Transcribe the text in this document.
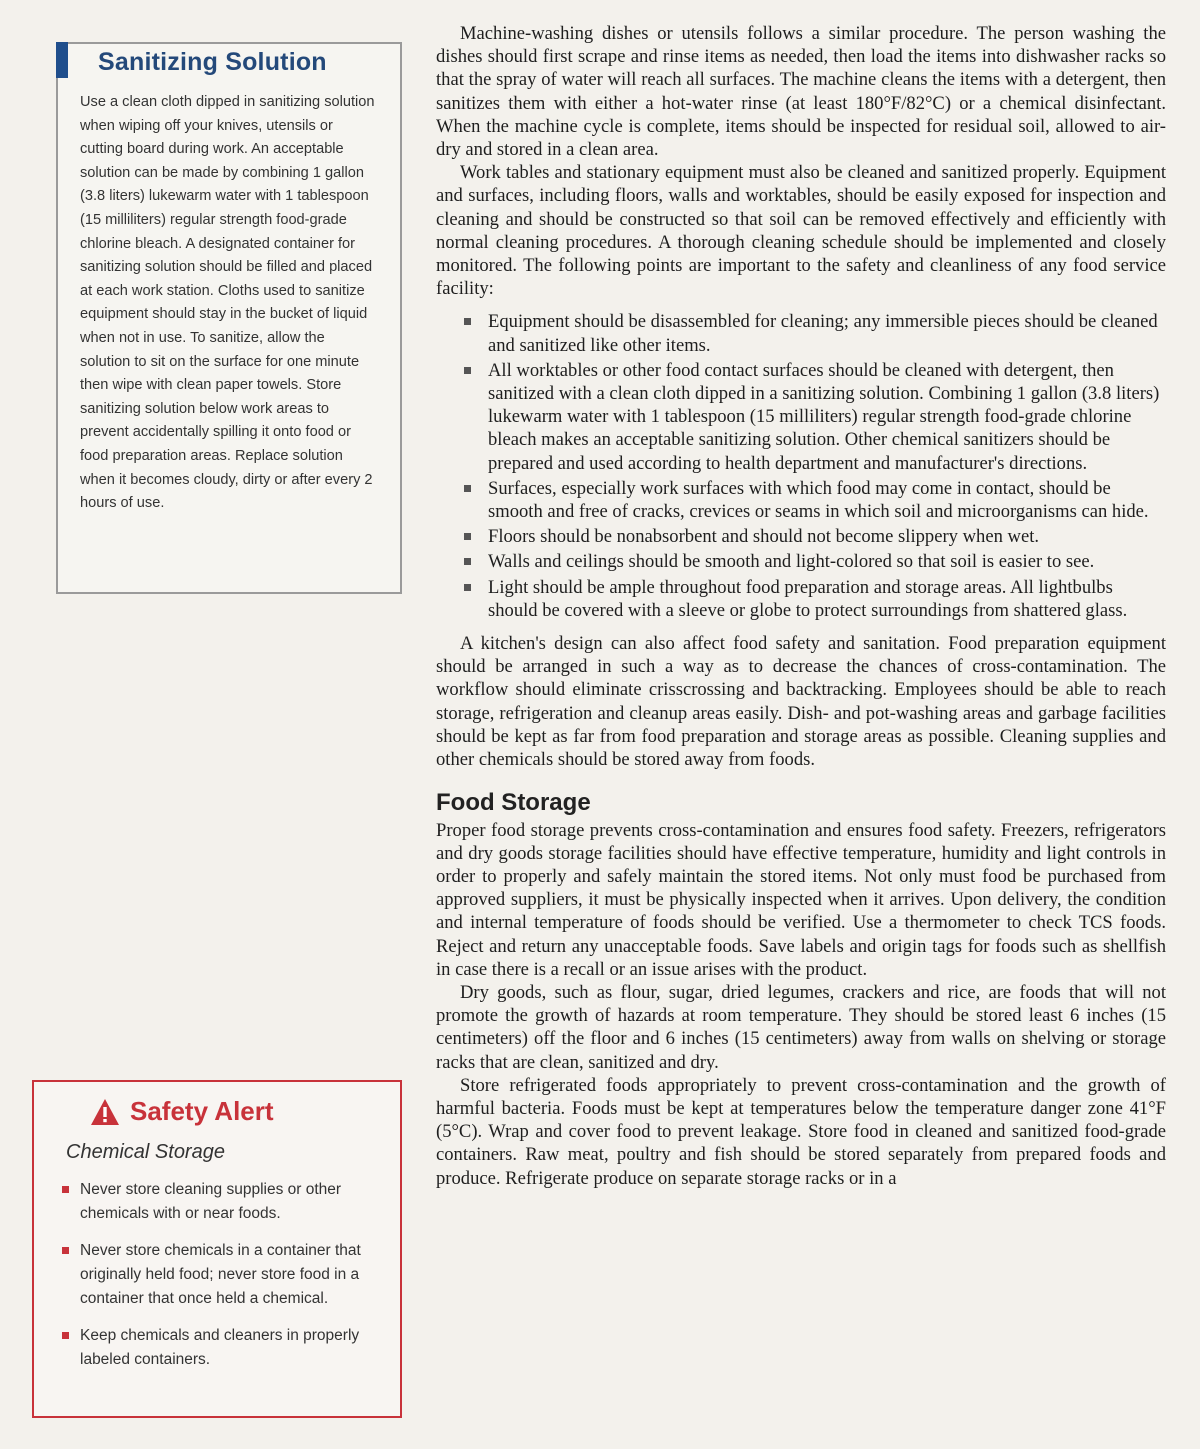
Sanitizing Solution

Use a clean cloth dipped in sanitizing solution when wiping off your knives, utensils or cutting board during work. An acceptable solution can be made by combining 1 gallon (3.8 liters) lukewarm water with 1 tablespoon (15 milliliters) regular strength food-grade chlorine bleach. A designated container for sanitizing solution should be filled and placed at each work station. Cloths used to sanitize equipment should stay in the bucket of liquid when not in use. To sanitize, allow the solution to sit on the surface for one minute then wipe with clean paper towels. Store sanitizing solution below work areas to prevent accidentally spilling it onto food or food preparation areas. Replace solution when it becomes cloudy, dirty or after every 2 hours of use.

Safety Alert
Chemical Storage
Never store cleaning supplies or other chemicals with or near foods.
Never store chemicals in a container that originally held food; never store food in a container that once held a chemical.
Keep chemicals and cleaners in properly labeled containers.

Machine-washing dishes or utensils follows a similar procedure. The person washing the dishes should first scrape and rinse items as needed, then load the items into dishwasher racks so that the spray of water will reach all surfaces. The machine cleans the items with a detergent, then sanitizes them with either a hot-water rinse (at least 180°F/82°C) or a chemical disinfectant. When the machine cycle is complete, items should be inspected for residual soil, allowed to air-dry and stored in a clean area.

Work tables and stationary equipment must also be cleaned and sanitized properly. Equipment and surfaces, including floors, walls and worktables, should be easily exposed for inspection and cleaning and should be constructed so that soil can be removed effectively and efficiently with normal cleaning procedures. A thorough cleaning schedule should be implemented and closely monitored. The following points are important to the safety and cleanliness of any food service facility:

Equipment should be disassembled for cleaning; any immersible pieces should be cleaned and sanitized like other items.
All worktables or other food contact surfaces should be cleaned with detergent, then sanitized with a clean cloth dipped in a sanitizing solution. Combining 1 gallon (3.8 liters) lukewarm water with 1 tablespoon (15 milliliters) regular strength food-grade chlorine bleach makes an acceptable sanitizing solution. Other chemical sanitizers should be prepared and used according to health department and manufacturer's directions.
Surfaces, especially work surfaces with which food may come in contact, should be smooth and free of cracks, crevices or seams in which soil and microorganisms can hide.
Floors should be nonabsorbent and should not become slippery when wet.
Walls and ceilings should be smooth and light-colored so that soil is easier to see.
Light should be ample throughout food preparation and storage areas. All lightbulbs should be covered with a sleeve or globe to protect surroundings from shattered glass.

A kitchen's design can also affect food safety and sanitation. Food preparation equipment should be arranged in such a way as to decrease the chances of cross-contamination. The workflow should eliminate crisscrossing and backtracking. Employees should be able to reach storage, refrigeration and cleanup areas easily. Dish- and pot-washing areas and garbage facilities should be kept as far from food preparation and storage areas as possible. Cleaning supplies and other chemicals should be stored away from foods.

Food Storage

Proper food storage prevents cross-contamination and ensures food safety. Freezers, refrigerators and dry goods storage facilities should have effective temperature, humidity and light controls in order to properly and safely maintain the stored items. Not only must food be purchased from approved suppliers, it must be physically inspected when it arrives. Upon delivery, the condition and internal temperature of foods should be verified. Use a thermometer to check TCS foods. Reject and return any unacceptable foods. Save labels and origin tags for foods such as shellfish in case there is a recall or an issue arises with the product.

Dry goods, such as flour, sugar, dried legumes, crackers and rice, are foods that will not promote the growth of hazards at room temperature. They should be stored least 6 inches (15 centimeters) off the floor and 6 inches (15 centimeters) away from walls on shelving or storage racks that are clean, sanitized and dry.

Store refrigerated foods appropriately to prevent cross-contamination and the growth of harmful bacteria. Foods must be kept at temperatures below the temperature danger zone 41°F (5°C). Wrap and cover food to prevent leakage. Store food in cleaned and sanitized food-grade containers. Raw meat, poultry and fish should be stored separately from prepared foods and produce. Refrigerate produce on separate storage racks or in a
